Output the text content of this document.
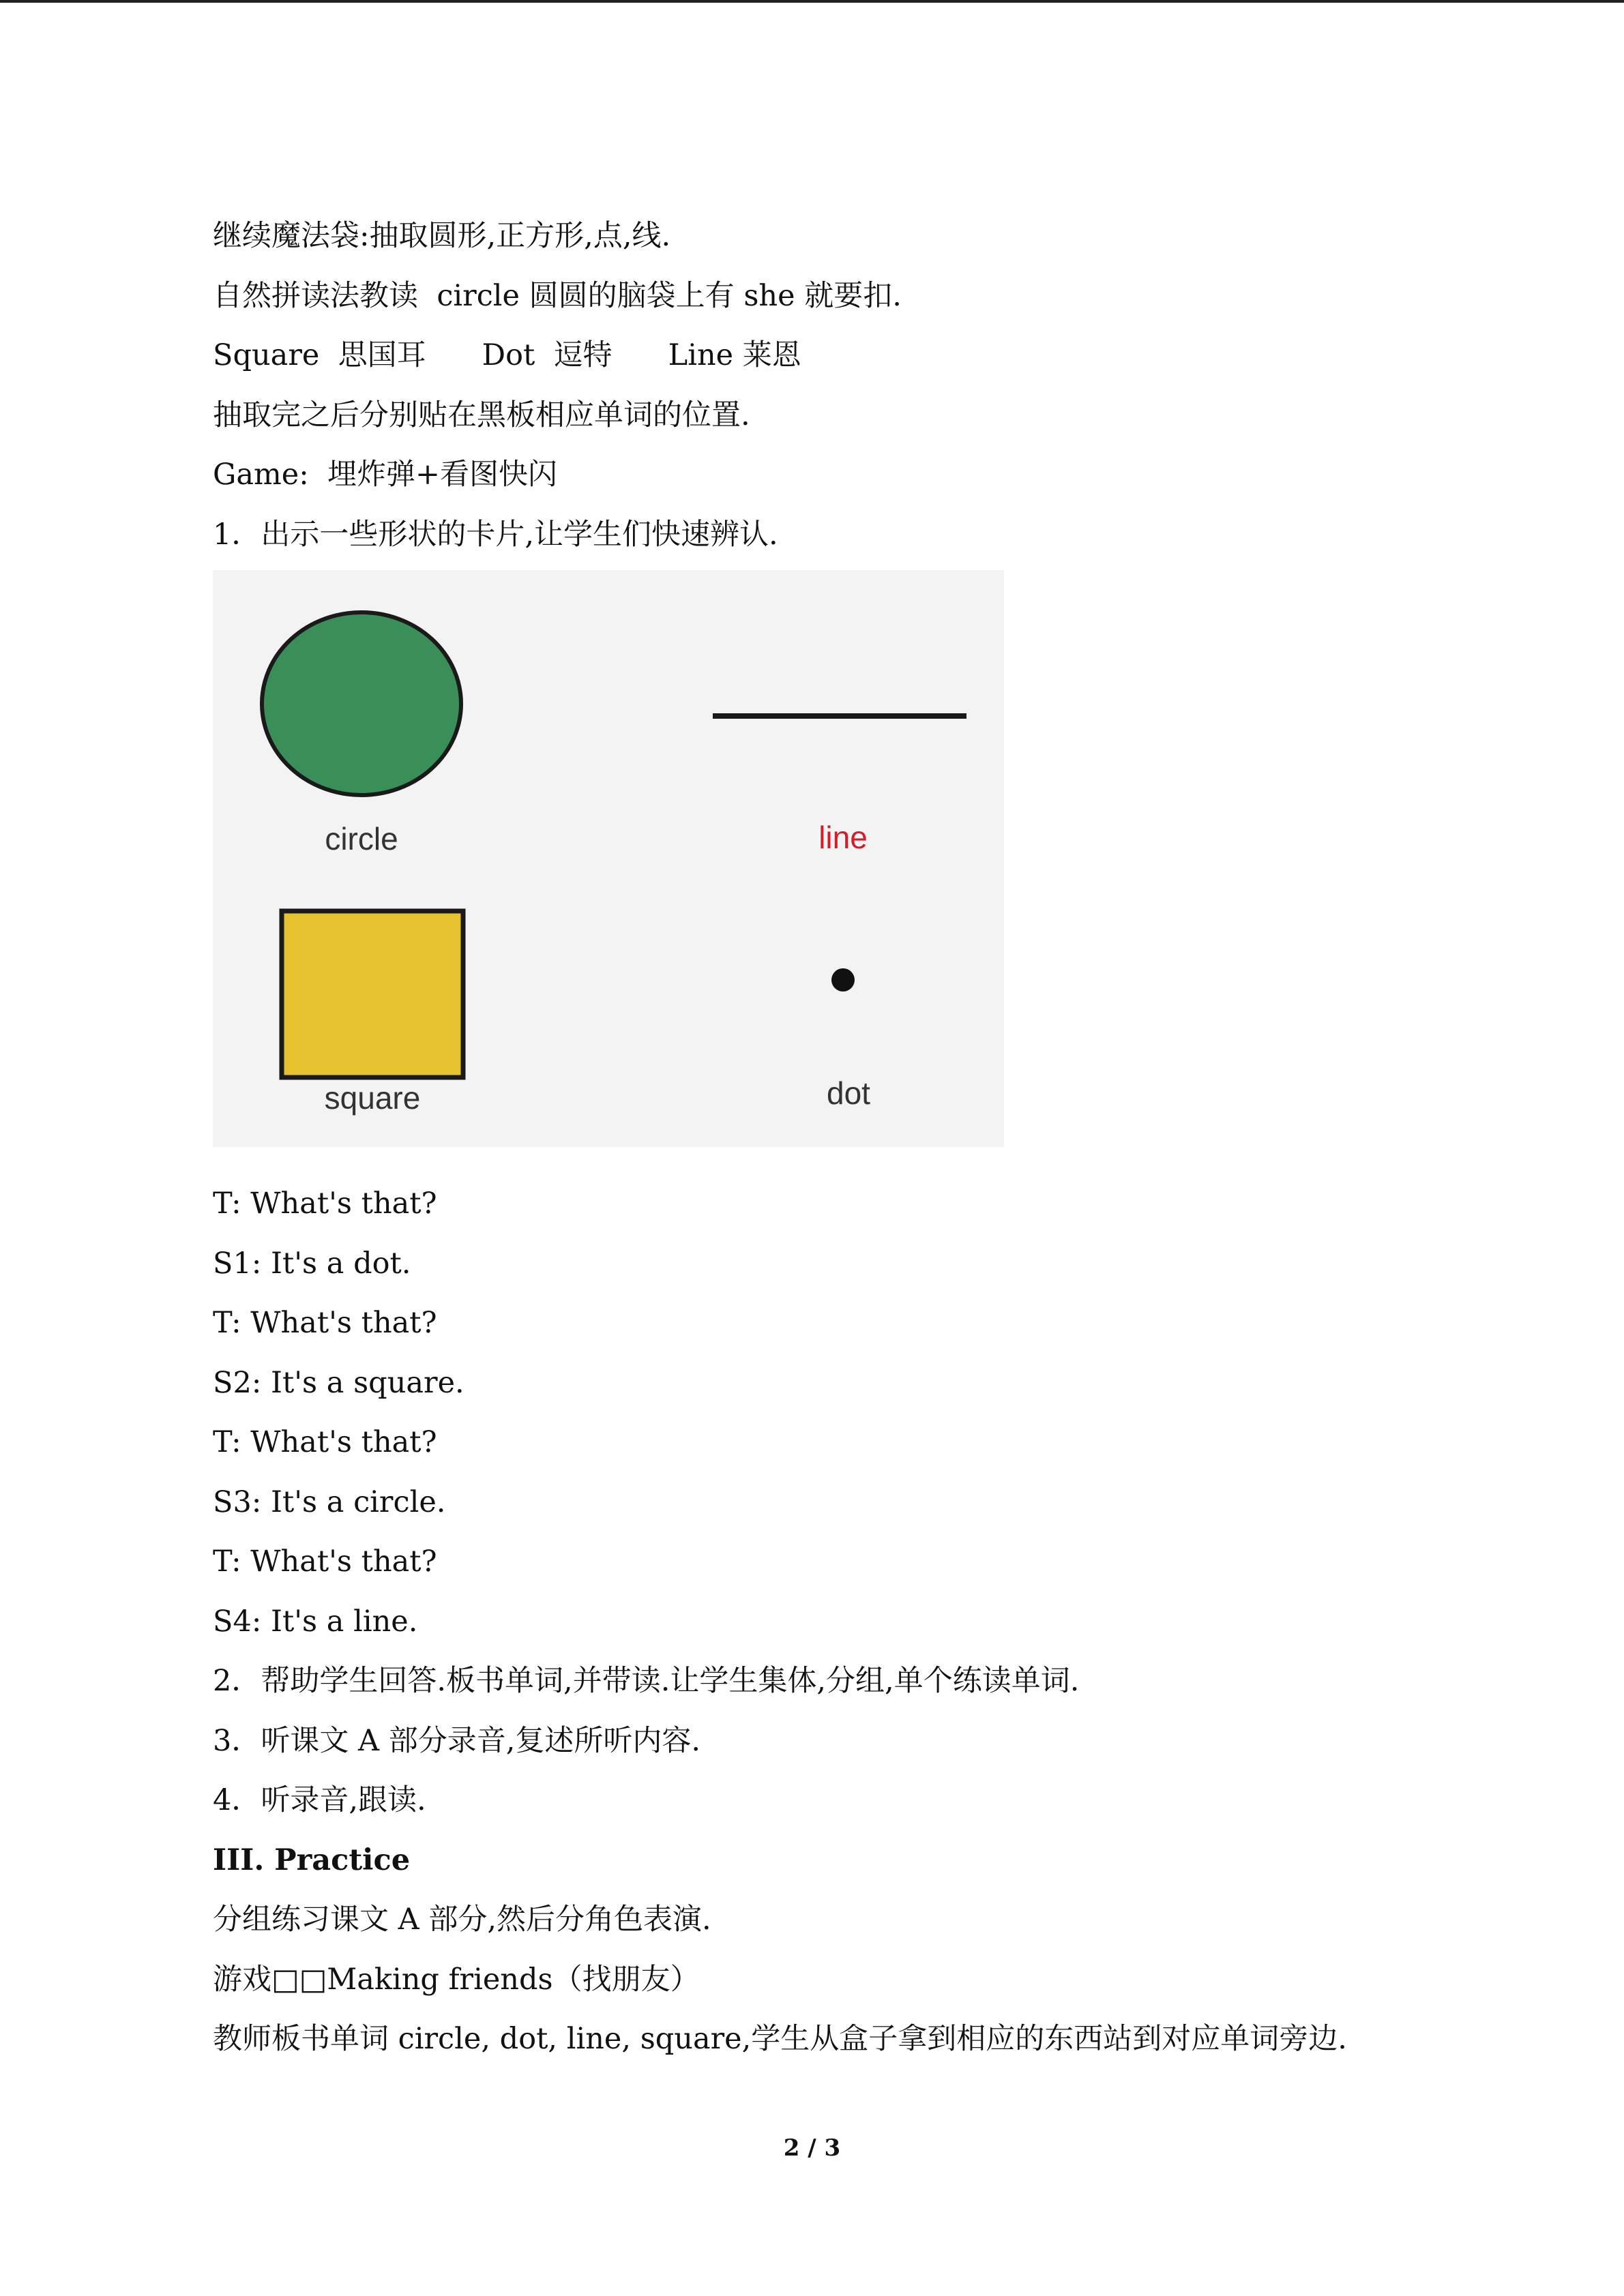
继续魔法袋:抽取圆形,正方形,点,线.
自然拼读法教读  circle 圆圆的脑袋上有 she 就要扣.
Square  思国耳      Dot  逗特      Line 莱恩
抽取完之后分别贴在黑板相应单词的位置.
Game:  埋炸弹+看图快闪
1．出示一些形状的卡片,让学生们快速辨认.
circle	line
square	dot
T: What's that?
S1: It's a dot.
T: What's that?
S2: It's a square.
T: What's that?
S3: It's a circle.
T: What's that?
S4: It's a line.
2．帮助学生回答.板书单词,并带读.让学生集体,分组,单个练读单词.
3．听课文 A 部分录音,复述所听内容.
4．听录音,跟读.
III. Practice
分组练习课文 A 部分,然后分角色表演.
游戏□□Making friends（找朋友）
教师板书单词 circle, dot, line, square,学生从盒子拿到相应的东西站到对应单词旁边.
2 / 3
